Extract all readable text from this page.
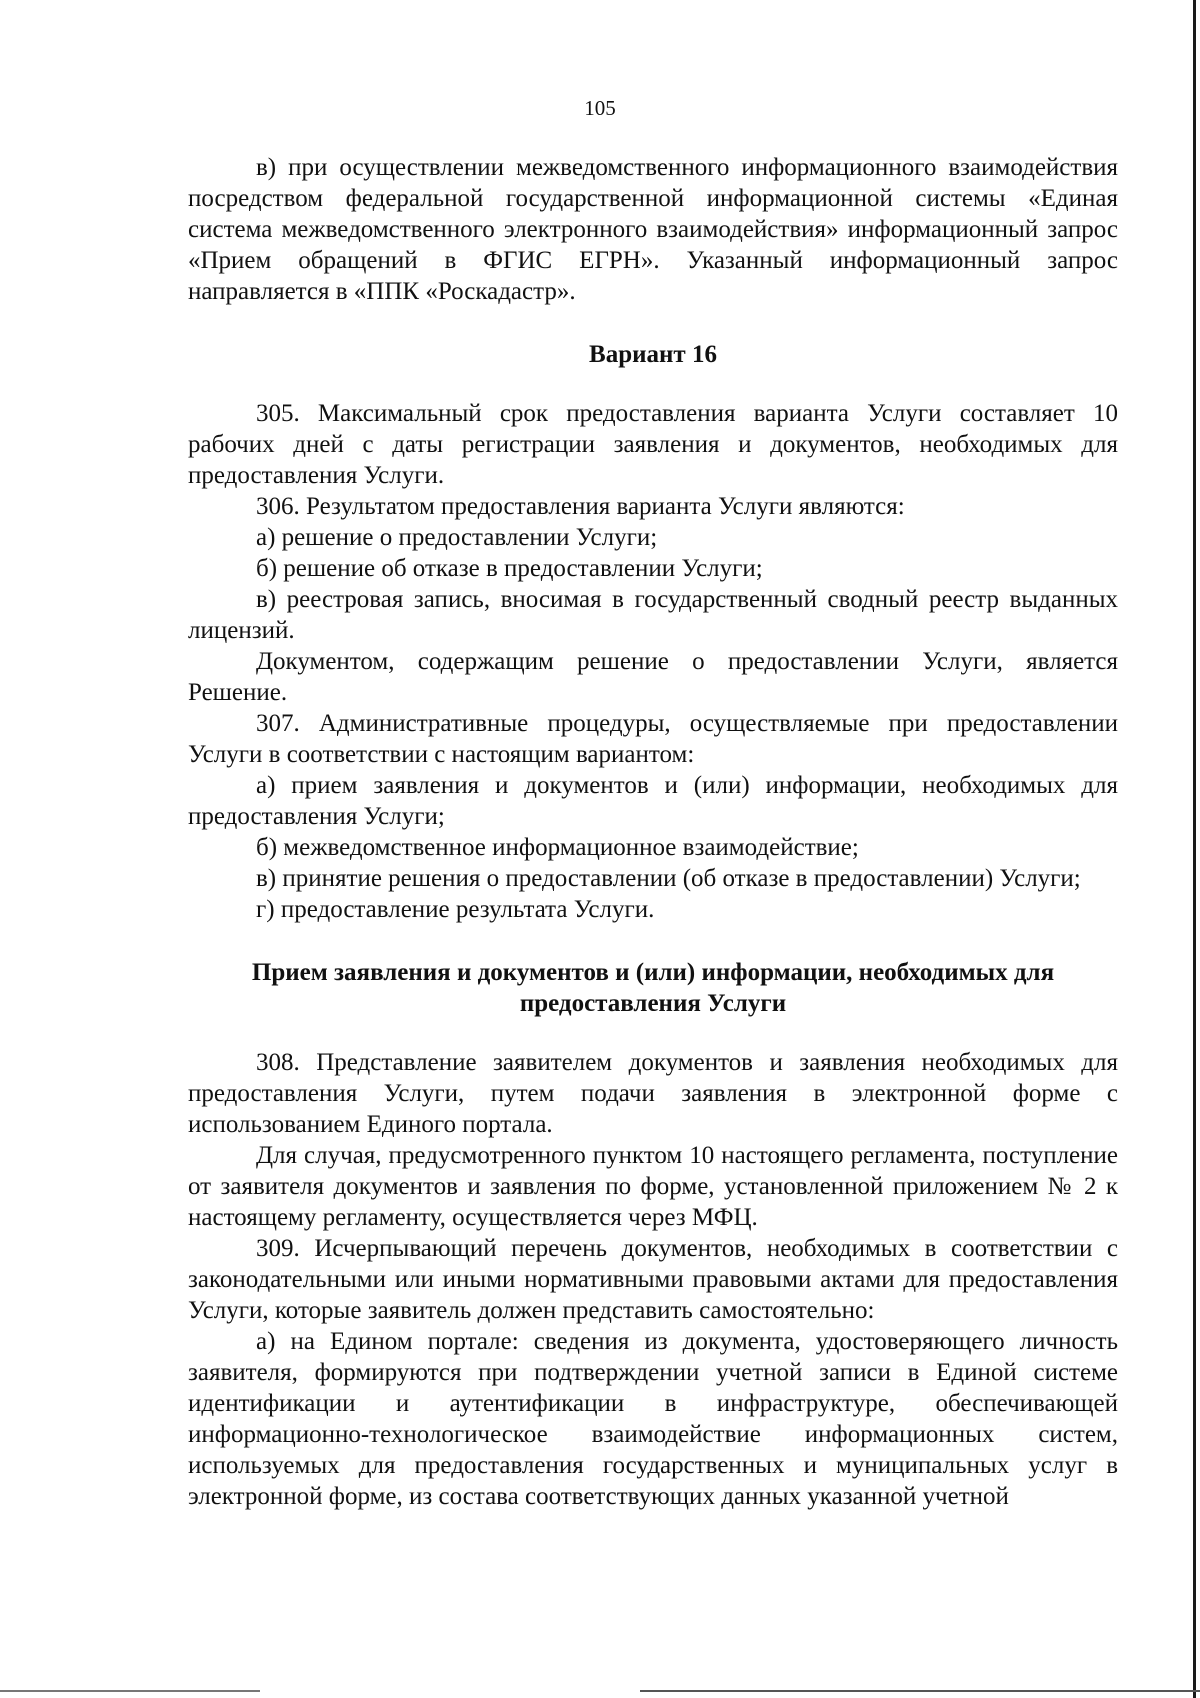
105

в) при осуществлении межведомственного информационного взаимодействия посредством федеральной государственной информационной системы «Единая система межведомственного электронного взаимодействия» информационный запрос «Прием обращений в ФГИС ЕГРН». Указанный информационный запрос направляется в «ППК «Роскадастр».

Вариант 16

305. Максимальный срок предоставления варианта Услуги составляет 10 рабочих дней с даты регистрации заявления и документов, необходимых для предоставления Услуги.

306. Результатом предоставления варианта Услуги являются:

а) решение о предоставлении Услуги;

б) решение об отказе в предоставлении Услуги;

в) реестровая запись, вносимая в государственный сводный реестр выданных лицензий.

Документом, содержащим решение о предоставлении Услуги, является Решение.

307. Административные процедуры, осуществляемые при предоставлении Услуги в соответствии с настоящим вариантом:

а) прием заявления и документов и (или) информации, необходимых для предоставления Услуги;

б) межведомственное информационное взаимодействие;

в) принятие решения о предоставлении (об отказе в предоставлении) Услуги;

г) предоставление результата Услуги.

Прием заявления и документов и (или) информации, необходимых для предоставления Услуги

308. Представление заявителем документов и заявления необходимых для предоставления Услуги, путем подачи заявления в электронной форме с использованием Единого портала.

Для случая, предусмотренного пунктом 10 настоящего регламента, поступление от заявителя документов и заявления по форме, установленной приложением № 2 к настоящему регламенту, осуществляется через МФЦ.

309. Исчерпывающий перечень документов, необходимых в соответствии с законодательными или иными нормативными правовыми актами для предоставления Услуги, которые заявитель должен представить самостоятельно:

а) на Едином портале: сведения из документа, удостоверяющего личность заявителя, формируются при подтверждении учетной записи в Единой системе идентификации и аутентификации в инфраструктуре, обеспечивающей информационно-технологическое взаимодействие информационных систем, используемых для предоставления государственных и муниципальных услуг в электронной форме, из состава соответствующих данных указанной учетной
